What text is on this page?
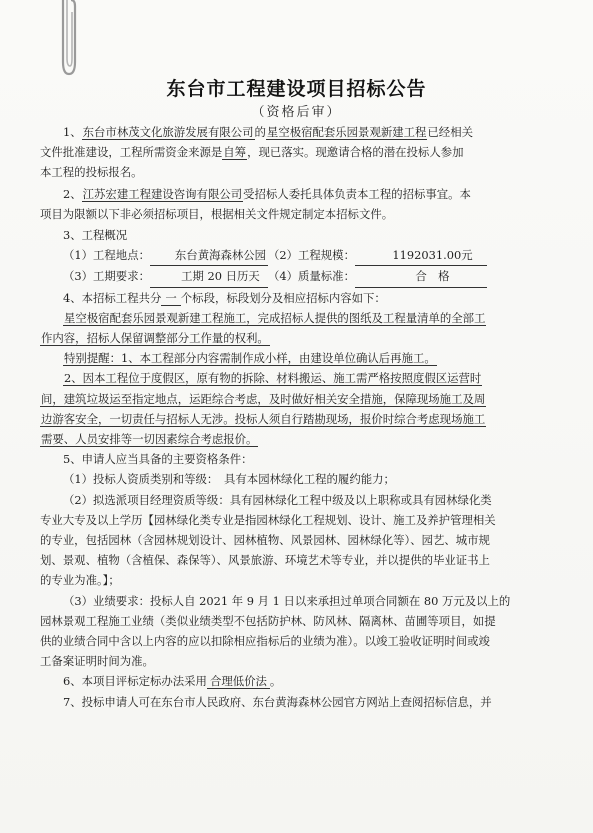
东台市工程建设项目招标公告
（资格后审）

1、东台市林茂文化旅游发展有限公司的星空极宿配套乐园景观新建工程已经相关

文件批准建设，工程所需资金来源是自筹，现已落实。现邀请合格的潜在投标人参加

本工程的投标报名。

2、江苏宏建工程建设咨询有限公司受招标人委托具体负责本工程的招标事宜。本

项目为限额以下非必须招标项目，根据相关文件规定制定本招标文件。

3、工程概况

（1）工程地点： 东台黄海森林公园 （2）工程规模：	1192031.00元

（3）工期要求：	工期 20 日历天 （4）质量标准：	合　格

4、本招标工程共分 一 个标段，标段划分及相应招标内容如下：

星空极宿配套乐园景观新建工程施工，完成招标人提供的图纸及工程量清单的全部工

作内容，招标人保留调整部分工作量的权利。

特别提醒：1、本工程部分内容需制作成小样，由建设单位确认后再施工。

2、因本工程位于度假区，原有物的拆除、材料搬运、施工需严格按照度假区运营时

间，建筑垃圾运至指定地点，运距综合考虑，及时做好相关安全措施，保障现场施工及周

边游客安全，一切责任与招标人无涉。投标人须自行踏勘现场，报价时综合考虑现场施工

需要、人员安排等一切因素综合考虑报价。

5、申请人应当具备的主要资格条件：

（1）投标人资质类别和等级：　具有本园林绿化工程的履约能力；

（2）拟选派项目经理资质等级：具有园林绿化工程中级及以上职称或具有园林绿化类

专业大专及以上学历【园林绿化类专业是指园林绿化工程规划、设计、施工及养护管理相关

的专业，包括园林（含园林规划设计、园林植物、风景园林、园林绿化等）、园艺、城市规

划、景观、植物（含植保、森保等）、风景旅游、环境艺术等专业，并以提供的毕业证书上

的专业为准。】；

（3）业绩要求：投标人自 2021 年 9 月 1 日以来承担过单项合同额在 80 万元及以上的

园林景观工程施工业绩（类似业绩类型不包括防护林、防风林、隔离林、苗圃等项目，如提

供的业绩合同中含以上内容的应以扣除相应指标后的业绩为准）。以竣工验收证明时间或竣

工备案证明时间为准。

6、本项目评标定标办法采用 合理低价法 。

7、投标申请人可在东台市人民政府、东台黄海森林公园官方网站上查阅招标信息，并
